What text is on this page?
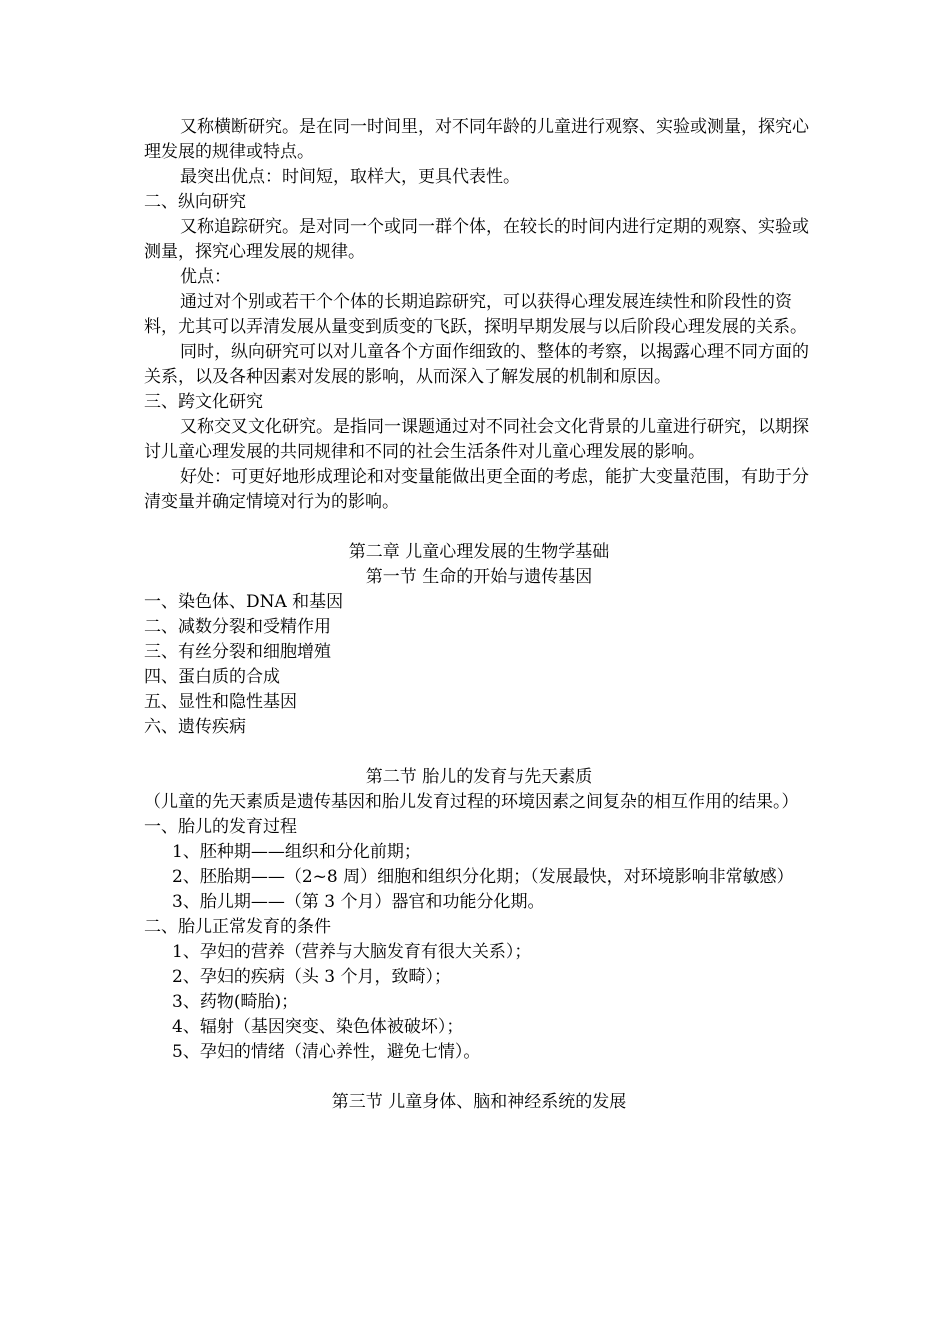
又称横断研究。是在同一时间里，对不同年龄的儿童进行观察、实验或测量，探究心理发展的规律或特点。

最突出优点：时间短，取样大，更具代表性。

二、纵向研究

又称追踪研究。是对同一个或同一群个体，在较长的时间内进行定期的观察、实验或测量，探究心理发展的规律。

优点：

通过对个别或若干个个体的长期追踪研究，可以获得心理发展连续性和阶段性的资料，尤其可以弄清发展从量变到质变的飞跃，探明早期发展与以后阶段心理发展的关系。

同时，纵向研究可以对儿童各个方面作细致的、整体的考察，以揭露心理不同方面的关系，以及各种因素对发展的影响，从而深入了解发展的机制和原因。

三、跨文化研究

又称交叉文化研究。是指同一课题通过对不同社会文化背景的儿童进行研究，以期探讨儿童心理发展的共同规律和不同的社会生活条件对儿童心理发展的影响。

好处：可更好地形成理论和对变量能做出更全面的考虑，能扩大变量范围，有助于分清变量并确定情境对行为的影响。

第二章 儿童心理发展的生物学基础

第一节 生命的开始与遗传基因

一、染色体、DNA 和基因

二、减数分裂和受精作用

三、有丝分裂和细胞增殖

四、蛋白质的合成

五、显性和隐性基因

六、遗传疾病

第二节 胎儿的发育与先天素质

（儿童的先天素质是遗传基因和胎儿发育过程的环境因素之间复杂的相互作用的结果。）

一、胎儿的发育过程

1、胚种期——组织和分化前期；

2、胚胎期——（2~8 周）细胞和组织分化期；（发展最快，对环境影响非常敏感）

3、胎儿期——（第 3 个月）器官和功能分化期。

二、胎儿正常发育的条件

1、孕妇的营养（营养与大脑发育有很大关系）；

2、孕妇的疾病（头 3 个月，致畸）；

3、药物(畸胎)；

4、辐射（基因突变、染色体被破坏）；

5、孕妇的情绪（清心养性，避免七情）。

第三节 儿童身体、脑和神经系统的发展
